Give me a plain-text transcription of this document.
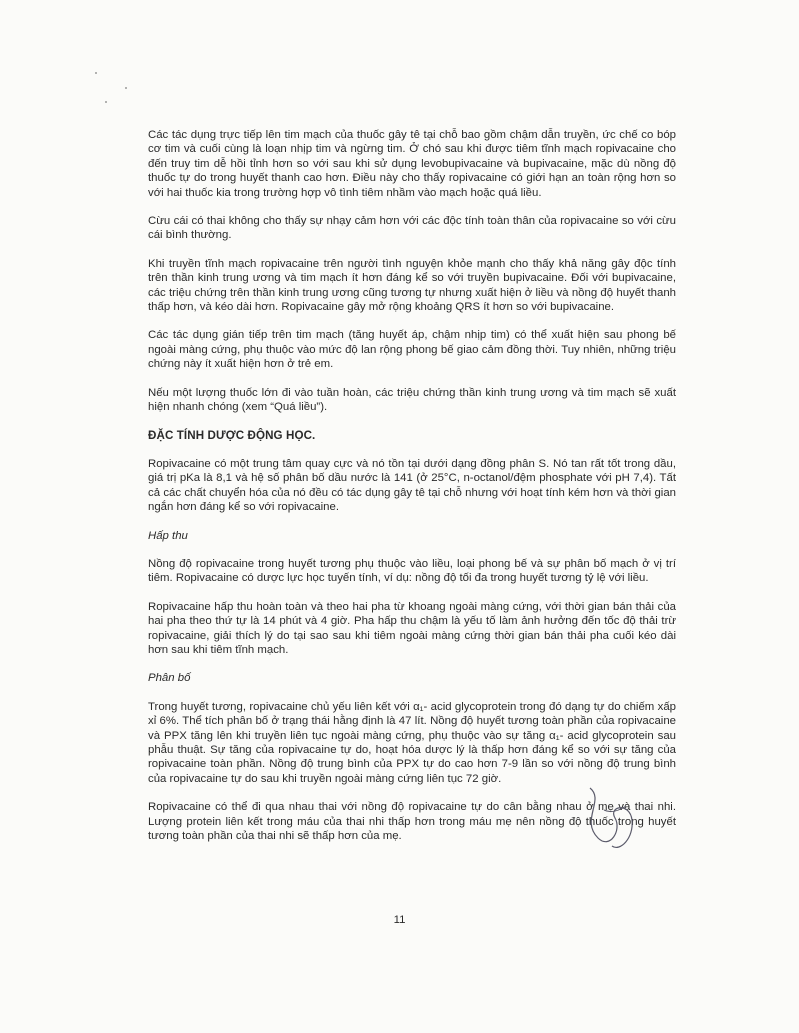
Các tác dụng trực tiếp lên tim mạch của thuốc gây tê tại chỗ bao gồm chậm dẫn truyền, ức chế co bóp cơ tim và cuối cùng là loạn nhịp tim và ngừng tim. Ở chó sau khi được tiêm tĩnh mạch ropivacaine cho đến truy tim dễ hồi tỉnh hơn so với sau khi sử dụng levobupivacaine và bupivacaine, mặc dù nồng độ thuốc tự do trong huyết thanh cao hơn. Điều này cho thấy ropivacaine có giới hạn an toàn rộng hơn so với hai thuốc kia trong trường hợp vô tình tiêm nhầm vào mạch hoặc quá liều.

Cừu cái có thai không cho thấy sự nhạy cảm hơn với các độc tính toàn thân của ropivacaine so với cừu cái bình thường.

Khi truyền tĩnh mạch ropivacaine trên người tình nguyện khỏe mạnh cho thấy khả năng gây độc tính trên thần kinh trung ương và tim mạch ít hơn đáng kể so với truyền bupivacaine. Đối với bupivacaine, các triệu chứng trên thần kinh trung ương cũng tương tự nhưng xuất hiện ở liều và nồng độ huyết thanh thấp hơn, và kéo dài hơn. Ropivacaine gây mở rộng khoảng QRS ít hơn so với bupivacaine.

Các tác dụng gián tiếp trên tim mạch (tăng huyết áp, chậm nhịp tim) có thể xuất hiện sau phong bế ngoài màng cứng, phụ thuộc vào mức độ lan rộng phong bế giao cảm đồng thời. Tuy nhiên, những triệu chứng này ít xuất hiện hơn ở trẻ em.

Nếu một lượng thuốc lớn đi vào tuần hoàn, các triệu chứng thần kinh trung ương và tim mạch sẽ xuất hiện nhanh chóng (xem “Quá liều”).

ĐẶC TÍNH DƯỢC ĐỘNG HỌC.

Ropivacaine có một trung tâm quay cực và nó tồn tại dưới dạng đồng phân S. Nó tan rất tốt trong dầu, giá trị pKa là 8,1 và hệ số phân bố dầu nước là 141 (ở 25°C, n-octanol/đệm phosphate với pH 7,4). Tất cả các chất chuyển hóa của nó đều có tác dụng gây tê tại chỗ nhưng với hoạt tính kém hơn và thời gian ngắn hơn đáng kể so với ropivacaine.

Hấp thu

Nồng độ ropivacaine trong huyết tương phụ thuộc vào liều, loại phong bế và sự phân bố mạch ở vị trí tiêm. Ropivacaine có dược lực học tuyến tính, ví dụ: nồng độ tối đa trong huyết tương tỷ lệ với liều.

Ropivacaine hấp thu hoàn toàn và theo hai pha từ khoang ngoài màng cứng, với thời gian bán thải của hai pha theo thứ tự là 14 phút và 4 giờ. Pha hấp thu chậm là yếu tố làm ảnh hưởng đến tốc độ thải trừ ropivacaine, giải thích lý do tại sao sau khi tiêm ngoài màng cứng thời gian bán thải pha cuối kéo dài hơn sau khi tiêm tĩnh mạch.

Phân bố

Trong huyết tương, ropivacaine chủ yếu liên kết với α₁- acid glycoprotein trong đó dạng tự do chiếm xấp xỉ 6%. Thể tích phân bố ở trạng thái hằng định là 47 lít. Nồng độ huyết tương toàn phần của ropivacaine và PPX tăng lên khi truyền liên tục ngoài màng cứng, phụ thuộc vào sự tăng α₁- acid glycoprotein sau phẫu thuật. Sự tăng của ropivacaine tự do, hoạt hóa dược lý là thấp hơn đáng kể so với sự tăng của ropivacaine toàn phần. Nồng độ trung bình của PPX tự do cao hơn 7-9 lần so với nồng độ trung bình của ropivacaine tự do sau khi truyền ngoài màng cứng liên tục 72 giờ.

Ropivacaine có thể đi qua nhau thai với nồng độ ropivacaine tự do cân bằng nhau ở mẹ và thai nhi. Lượng protein liên kết trong máu của thai nhi thấp hơn trong máu mẹ nên nồng độ thuốc trong huyết tương toàn phần của thai nhi sẽ thấp hơn của mẹ.

11
